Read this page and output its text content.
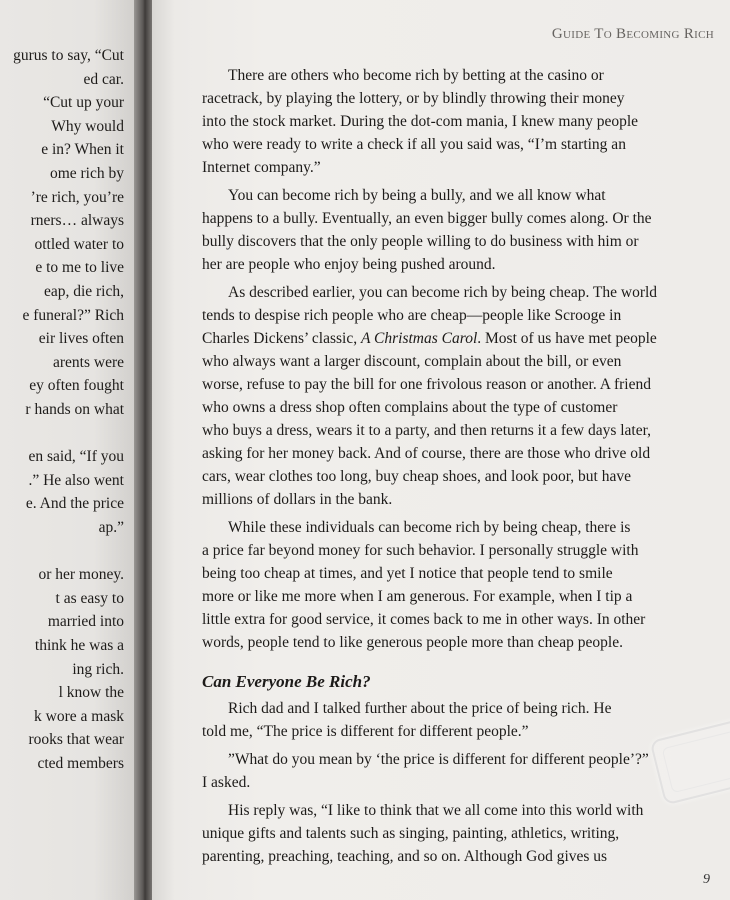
gurus to say, “Cut
ed car.
“Cut up your
Why would
e in? When it
ome rich by
’re rich, you’re
rners… always
ottled water to
e to me to live
eap, die rich,
e funeral?” Rich
eir lives often
arents were
ey often fought
r hands on what
en said, “If you
.” He also went
e. And the price
ap.”
or her money.
t as easy to
married into
think he was a
ing rich.
l know the
k wore a mask
rooks that wear
cted members
Guide To Becoming Rich
There are others who become rich by betting at the casino or
racetrack, by playing the lottery, or by blindly throwing their money
into the stock market. During the dot-com mania, I knew many people
who were ready to write a check if all you said was, “I’m starting an
Internet company.”
You can become rich by being a bully, and we all know what
happens to a bully. Eventually, an even bigger bully comes along. Or the
bully discovers that the only people willing to do business with him or
her are people who enjoy being pushed around.
As described earlier, you can become rich by being cheap. The world
tends to despise rich people who are cheap—people like Scrooge in
Charles Dickens’ classic, A Christmas Carol. Most of us have met people
who always want a larger discount, complain about the bill, or even
worse, refuse to pay the bill for one frivolous reason or another. A friend
who owns a dress shop often complains about the type of customer
who buys a dress, wears it to a party, and then returns it a few days later,
asking for her money back. And of course, there are those who drive old
cars, wear clothes too long, buy cheap shoes, and look poor, but have
millions of dollars in the bank.
While these individuals can become rich by being cheap, there is
a price far beyond money for such behavior. I personally struggle with
being too cheap at times, and yet I notice that people tend to smile
more or like me more when I am generous. For example, when I tip a
little extra for good service, it comes back to me in other ways. In other
words, people tend to like generous people more than cheap people.
Can Everyone Be Rich?
Rich dad and I talked further about the price of being rich. He
told me, “The price is different for different people.”
”What do you mean by ‘the price is different for different people’?”
I asked.
His reply was, “I like to think that we all come into this world with
unique gifts and talents such as singing, painting, athletics, writing,
parenting, preaching, teaching, and so on. Although God gives us
9
